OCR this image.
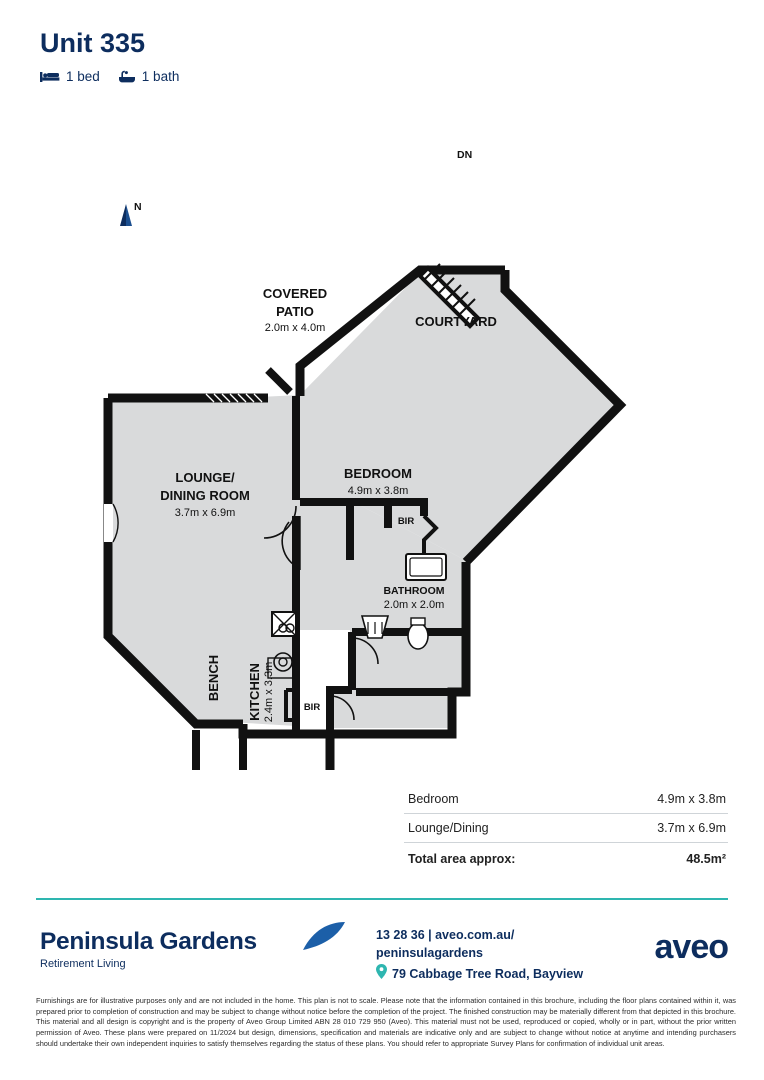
Unit 335
1 bed	1 bath
DN
COVERED
PATIO
2.0m x 4.0m	COURTYARD
BEDROOM
4.9m x 3.8m
LOUNGE/
DINING ROOM
3.7m x 6.9m
BATHROOM
2.0m x 2.0m
BIR
BIR
KITCHEN 2.4m x 3.3m
BENCH
N
Bedroom	4.9m x 3.8m
Lounge/Dining	3.7m x 6.9m
Total area approx:	48.5m²
Peninsula Gardens
Retirement Living
13 28 36 | aveo.com.au/
peninsulagardens
79 Cabbage Tree Road, Bayview
aveo
Furnishings are for illustrative purposes only and are not included in the home. This plan is not to scale. Please note that the information contained in this brochure, including the floor plans contained within it, was prepared prior to completion of construction and may be subject to change without notice before the completion of the project. The finished construction may be materially different from that depicted in this brochure. This material and all design is copyright and is the property of Aveo Group Limited ABN 28 010 729 950 (Aveo). This material must not be used, reproduced or copied, wholly or in part, without the prior written permission of Aveo. These plans were prepared on 11/2024 but design, dimensions, specification and materials are indicative only and are subject to change without notice at anytime and intending purchasers should undertake their own independent inquiries to satisfy themselves regarding the status of these plans. You should refer to appropriate Survey Plans for confirmation of individual unit areas.
